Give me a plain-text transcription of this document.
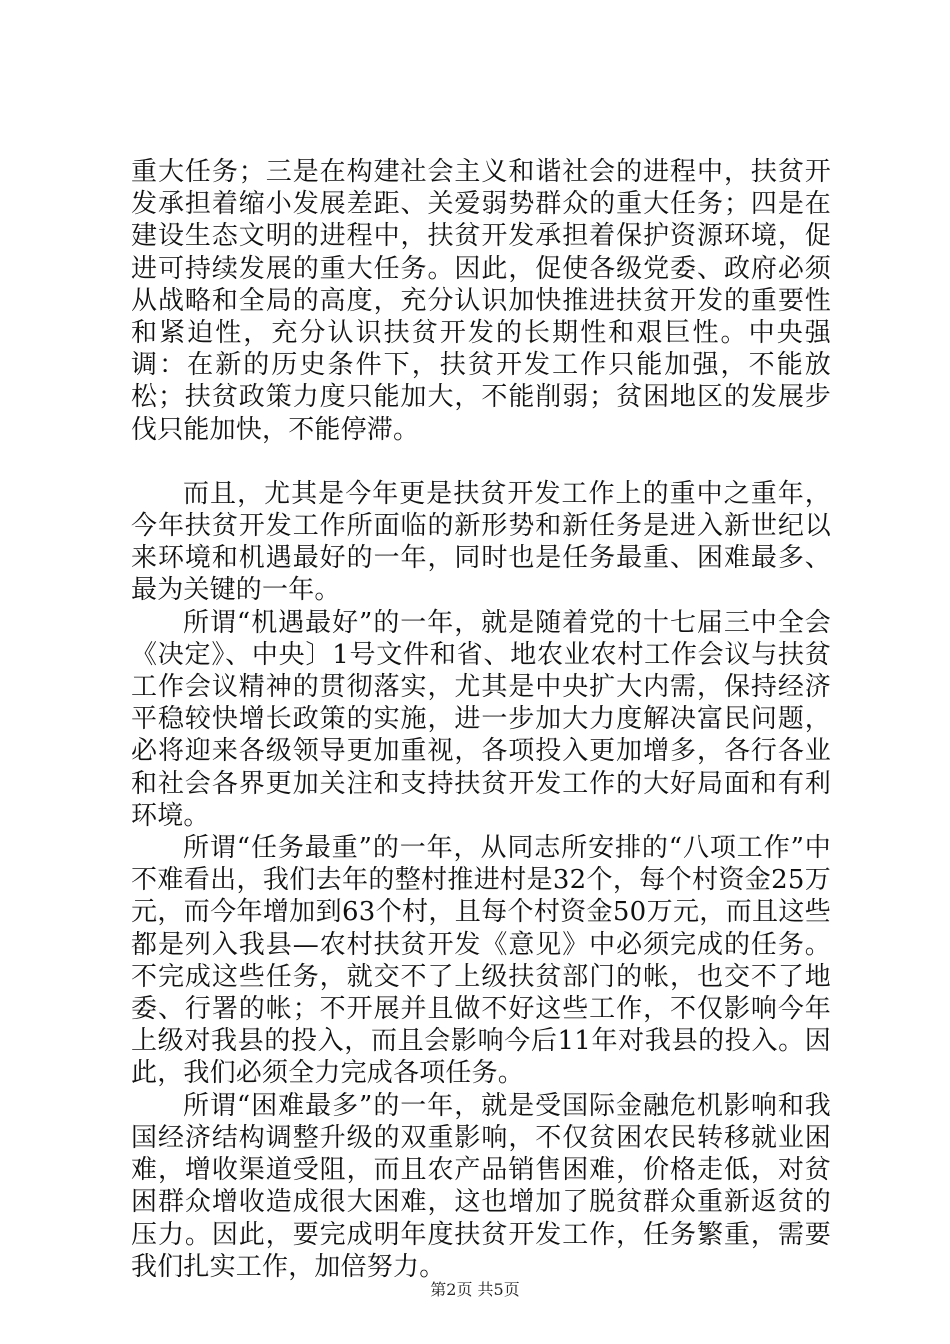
重大任务；三是在构建社会主义和谐社会的进程中，扶贫开发承担着缩小发展差距、关爱弱势群众的重大任务；四是在建设生态文明的进程中，扶贫开发承担着保护资源环境，促进可持续发展的重大任务。因此，促使各级党委、政府必须从战略和全局的高度，充分认识加快推进扶贫开发的重要性和紧迫性，充分认识扶贫开发的长期性和艰巨性。中央强调：在新的历史条件下，扶贫开发工作只能加强，不能放松；扶贫政策力度只能加大，不能削弱；贫困地区的发展步伐只能加快，不能停滞。

而且，尤其是今年更是扶贫开发工作上的重中之重年，今年扶贫开发工作所面临的新形势和新任务是进入新世纪以来环境和机遇最好的一年，同时也是任务最重、困难最多、最为关键的一年。

所谓“机遇最好”的一年，就是随着党的十七届三中全会《决定》、中央〕1号文件和省、地农业农村工作会议与扶贫工作会议精神的贯彻落实，尤其是中央扩大内需，保持经济平稳较快增长政策的实施，进一步加大力度解决富民问题，必将迎来各级领导更加重视，各项投入更加增多，各行各业和社会各界更加关注和支持扶贫开发工作的大好局面和有利环境。

所谓“任务最重”的一年，从同志所安排的“八项工作”中不难看出，我们去年的整村推进村是32个，每个村资金25万元，而今年增加到63个村，且每个村资金50万元，而且这些都是列入我县—农村扶贫开发《意见》中必须完成的任务。不完成这些任务，就交不了上级扶贫部门的帐，也交不了地委、行署的帐；不开展并且做不好这些工作，不仅影响今年上级对我县的投入，而且会影响今后11年对我县的投入。因此，我们必须全力完成各项任务。

所谓“困难最多”的一年，就是受国际金融危机影响和我国经济结构调整升级的双重影响，不仅贫困农民转移就业困难，增收渠道受阻，而且农产品销售困难，价格走低，对贫困群众增收造成很大困难，这也增加了脱贫群众重新返贫的压力。因此，要完成明年度扶贫开发工作，任务繁重，需要我们扎实工作，加倍努力。

第2页 共5页
